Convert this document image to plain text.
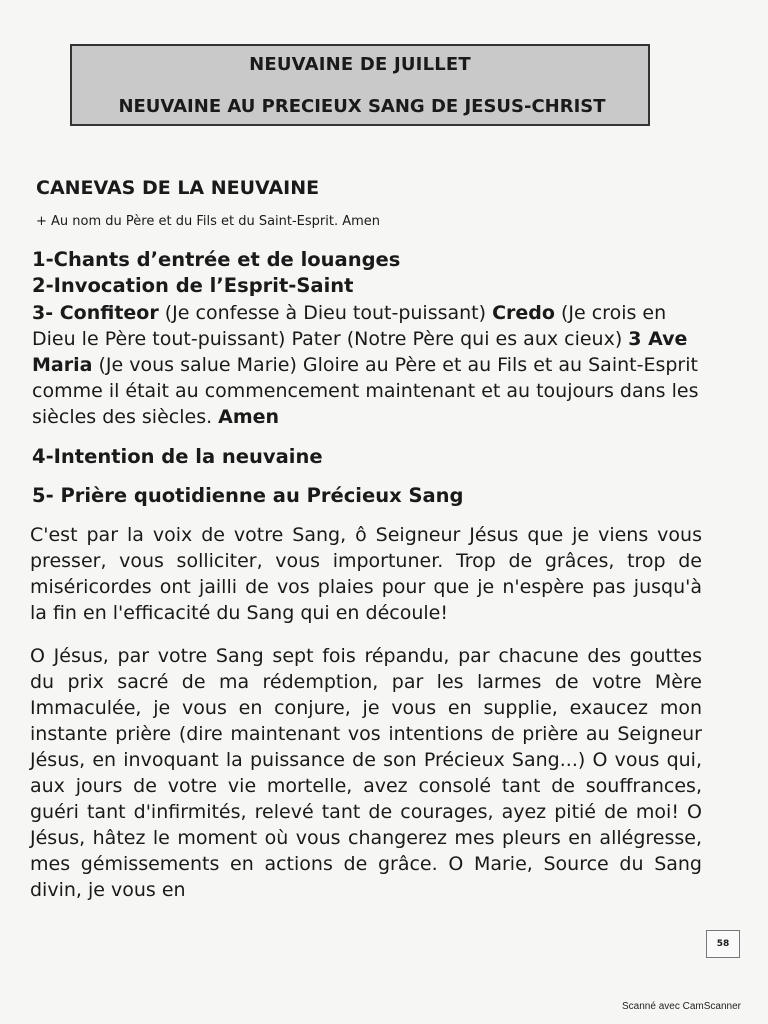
NEUVAINE DE JUILLET
NEUVAINE AU PRECIEUX SANG DE JESUS-CHRIST
CANEVAS DE LA NEUVAINE
+ Au nom du Père et du Fils et du Saint-Esprit. Amen
1-Chants d’entrée et de louanges
2-Invocation de l’Esprit-Saint
3- Confiteor (Je confesse à Dieu tout-puissant) Credo (Je crois en Dieu le Père tout-puissant) Pater (Notre Père qui es aux cieux) 3 Ave Maria (Je vous salue Marie) Gloire au Père et au Fils et au Saint-Esprit comme il était au commencement maintenant et au toujours dans les siècles des siècles. Amen
4-Intention de la neuvaine
5- Prière quotidienne au Précieux Sang
C'est par la voix de votre Sang, ô Seigneur Jésus que je viens vous presser, vous solliciter, vous importuner. Trop de grâces, trop de miséricordes ont jailli de vos plaies pour que je n'espère pas jusqu'à la fin en l'efficacité du Sang qui en découle!
O Jésus, par votre Sang sept fois répandu, par chacune des gouttes du prix sacré de ma rédemption, par les larmes de votre Mère Immaculée, je vous en conjure, je vous en supplie, exaucez mon instante prière (dire maintenant vos intentions de prière au Seigneur Jésus, en invoquant la puissance de son Précieux Sang...) O vous qui, aux jours de votre vie mortelle, avez consolé tant de souffrances, guéri tant d'infirmités, relevé tant de courages, ayez pitié de moi! O Jésus, hâtez le moment où vous changerez mes pleurs en allégresse, mes gémissements en actions de grâce. O Marie, Source du Sang divin, je vous en
58
Scanné avec CamScanner
